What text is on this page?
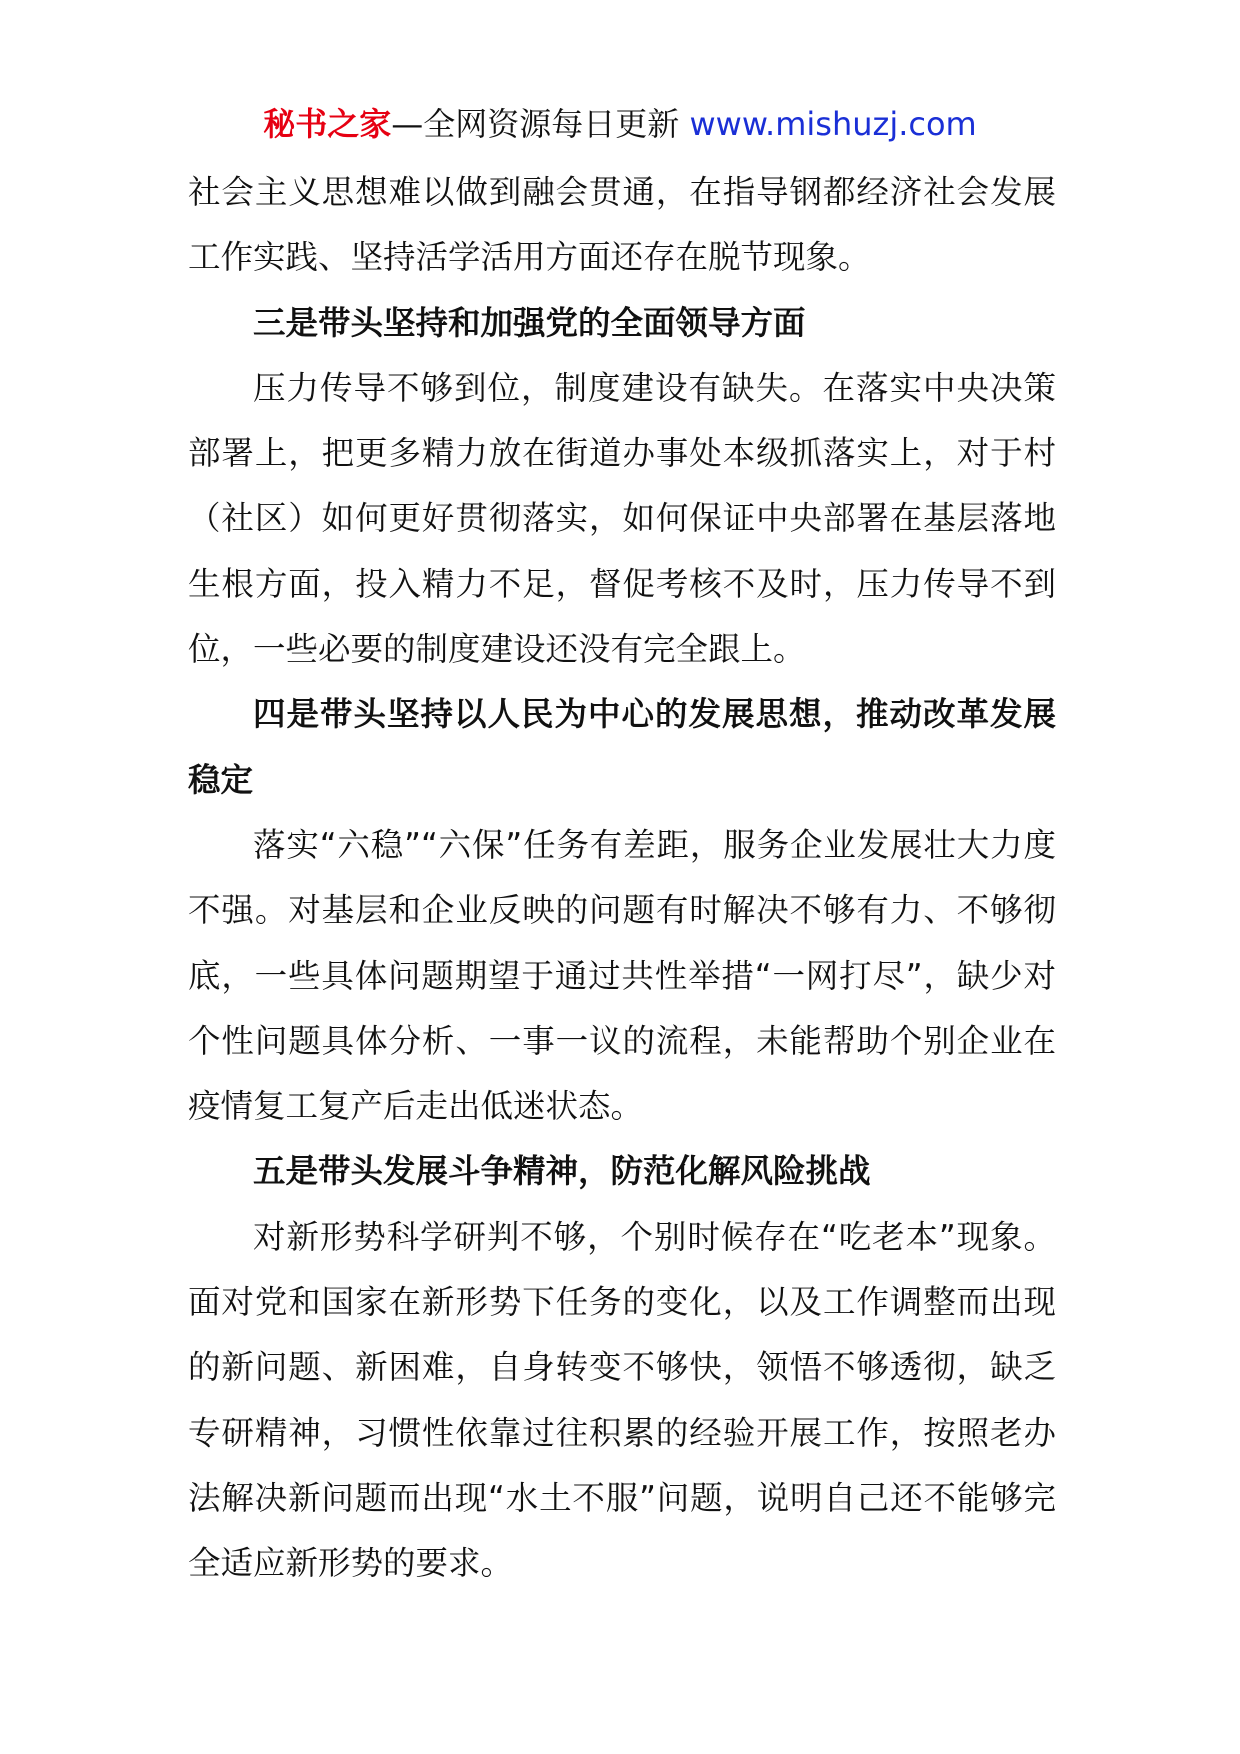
秘书之家—全网资源每日更新 www.mishuzj.com

社会主义思想难以做到融会贯通，在指导钢都经济社会发展工作实践、坚持活学活用方面还存在脱节现象。

三是带头坚持和加强党的全面领导方面

压力传导不够到位，制度建设有缺失。在落实中央决策部署上，把更多精力放在街道办事处本级抓落实上，对于村（社区）如何更好贯彻落实，如何保证中央部署在基层落地生根方面，投入精力不足，督促考核不及时，压力传导不到位，一些必要的制度建设还没有完全跟上。

四是带头坚持以人民为中心的发展思想，推动改革发展稳定

落实“六稳”“六保”任务有差距，服务企业发展壮大力度不强。对基层和企业反映的问题有时解决不够有力、不够彻底，一些具体问题期望于通过共性举措“一网打尽”，缺少对个性问题具体分析、一事一议的流程，未能帮助个别企业在疫情复工复产后走出低迷状态。

五是带头发展斗争精神，防范化解风险挑战

对新形势科学研判不够，个别时候存在“吃老本”现象。面对党和国家在新形势下任务的变化，以及工作调整而出现的新问题、新困难，自身转变不够快，领悟不够透彻，缺乏专研精神，习惯性依靠过往积累的经验开展工作，按照老办法解决新问题而出现“水土不服”问题，说明自己还不能够完全适应新形势的要求。
